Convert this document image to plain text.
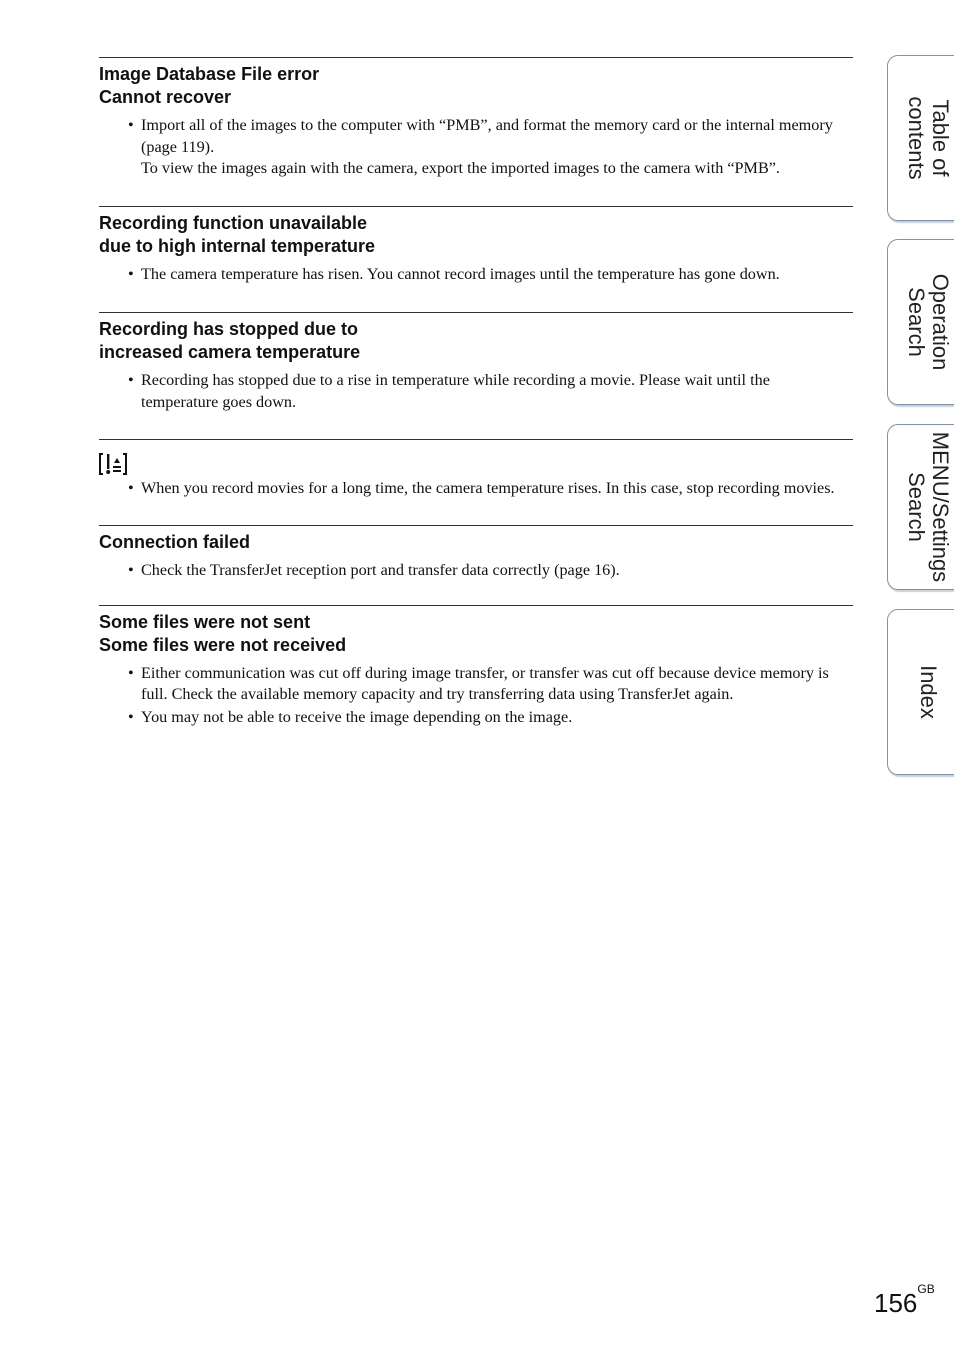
Image Database File error
Cannot recover
• Import all of the images to the computer with “PMB”, and format the memory card or the internal memory (page 119).
To view the images again with the camera, export the imported images to the camera with “PMB”.
Recording function unavailable
due to high internal temperature
• The camera temperature has risen. You cannot record images until the temperature has gone down.
Recording has stopped due to
increased camera temperature
• Recording has stopped due to a rise in temperature while recording a movie. Please wait until the temperature goes down.
• When you record movies for a long time, the camera temperature rises. In this case, stop recording movies.
Connection failed
• Check the TransferJet reception port and transfer data correctly (page 16).
Some files were not sent
Some files were not received
• Either communication was cut off during image transfer, or transfer was cut off because device memory is full. Check the available memory capacity and try transferring data using TransferJet again.
• You may not be able to receive the image depending on the image.
Table of
contents
Operation
Search
MENU/Settings
Search
Index
$156^{GB}$
